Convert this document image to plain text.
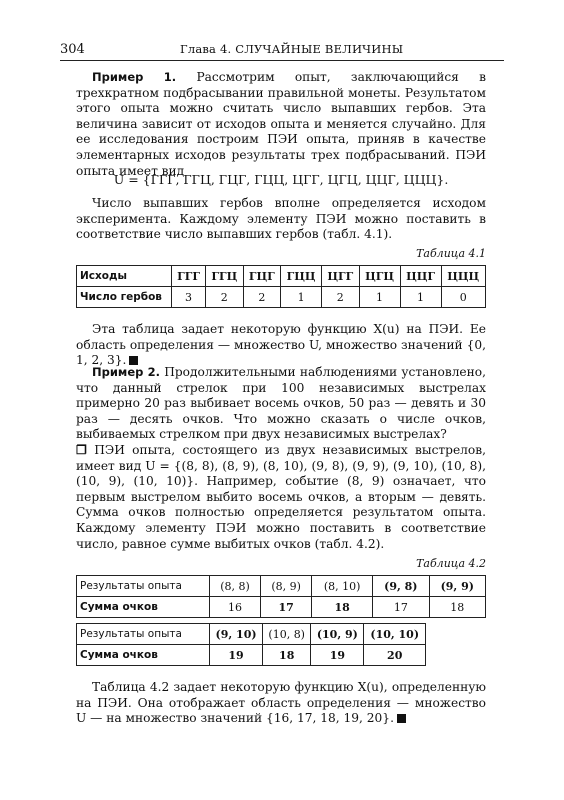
304	Глава 4. СЛУЧАЙНЫЕ ВЕЛИЧИНЫ

Пример 1. Рассмотрим опыт, заключающийся в трехкратном подбрасывании правильной монеты. Результатом этого опыта можно считать число выпавших гербов. Эта величина зависит от исходов опыта и меняется случайно. Для ее исследования построим ПЭИ опыта, приняв в качестве элементарных исходов результаты трех подбрасываний. ПЭИ опыта имеет вид

U = {ГГГ, ГГЦ, ГЦГ, ГЦЦ, ЦГГ, ЦГЦ, ЦЦГ, ЦЦЦ}.

Число выпавших гербов вполне определяется исходом эксперимента. Каждому элементу ПЭИ можно поставить в соответствие число выпавших гербов (табл. 4.1).

Таблица 4.1
Исходы	ГГГ	ГГЦ	ГЦГ	ГЦЦ	ЦГГ	ЦГЦ	ЦЦГ	ЦЦЦ
Число гербов	3	2	2	1	2	1	1	0

Эта таблица задает некоторую функцию X(u) на ПЭИ. Ее область определения — множество U, множество значений {0, 1, 2, 3}.

Пример 2. Продолжительными наблюдениями установлено, что данный стрелок при 100 независимых выстрелах примерно 20 раз выбивает восемь очков, 50 раз — девять и 30 раз — десять очков. Что можно сказать о числе очков, выбиваемых стрелком при двух независимых выстрелах?

❐ ПЭИ опыта, состоящего из двух независимых выстрелов, имеет вид U = {(8, 8), (8, 9), (8, 10), (9, 8), (9, 9), (9, 10), (10, 8), (10, 9), (10, 10)}. Например, событие (8, 9) означает, что первым выстрелом выбито восемь очков, а вторым — девять. Сумма очков полностью определяется результатом опыта. Каждому элементу ПЭИ можно поставить в соответствие число, равное сумме выбитых очков (табл. 4.2).

Таблица 4.2
Результаты опыта	(8, 8)	(8, 9)	(8, 10)	(9, 8)	(9, 9)
Сумма очков	16	17	18	17	18
Результаты опыта	(9, 10)	(10, 8)	(10, 9)	(10, 10)
Сумма очков	19	18	19	20

Таблица 4.2 задает некоторую функцию X(u), определенную на ПЭИ. Она отображает область определения — множество U — на множество значений {16, 17, 18, 19, 20}.
